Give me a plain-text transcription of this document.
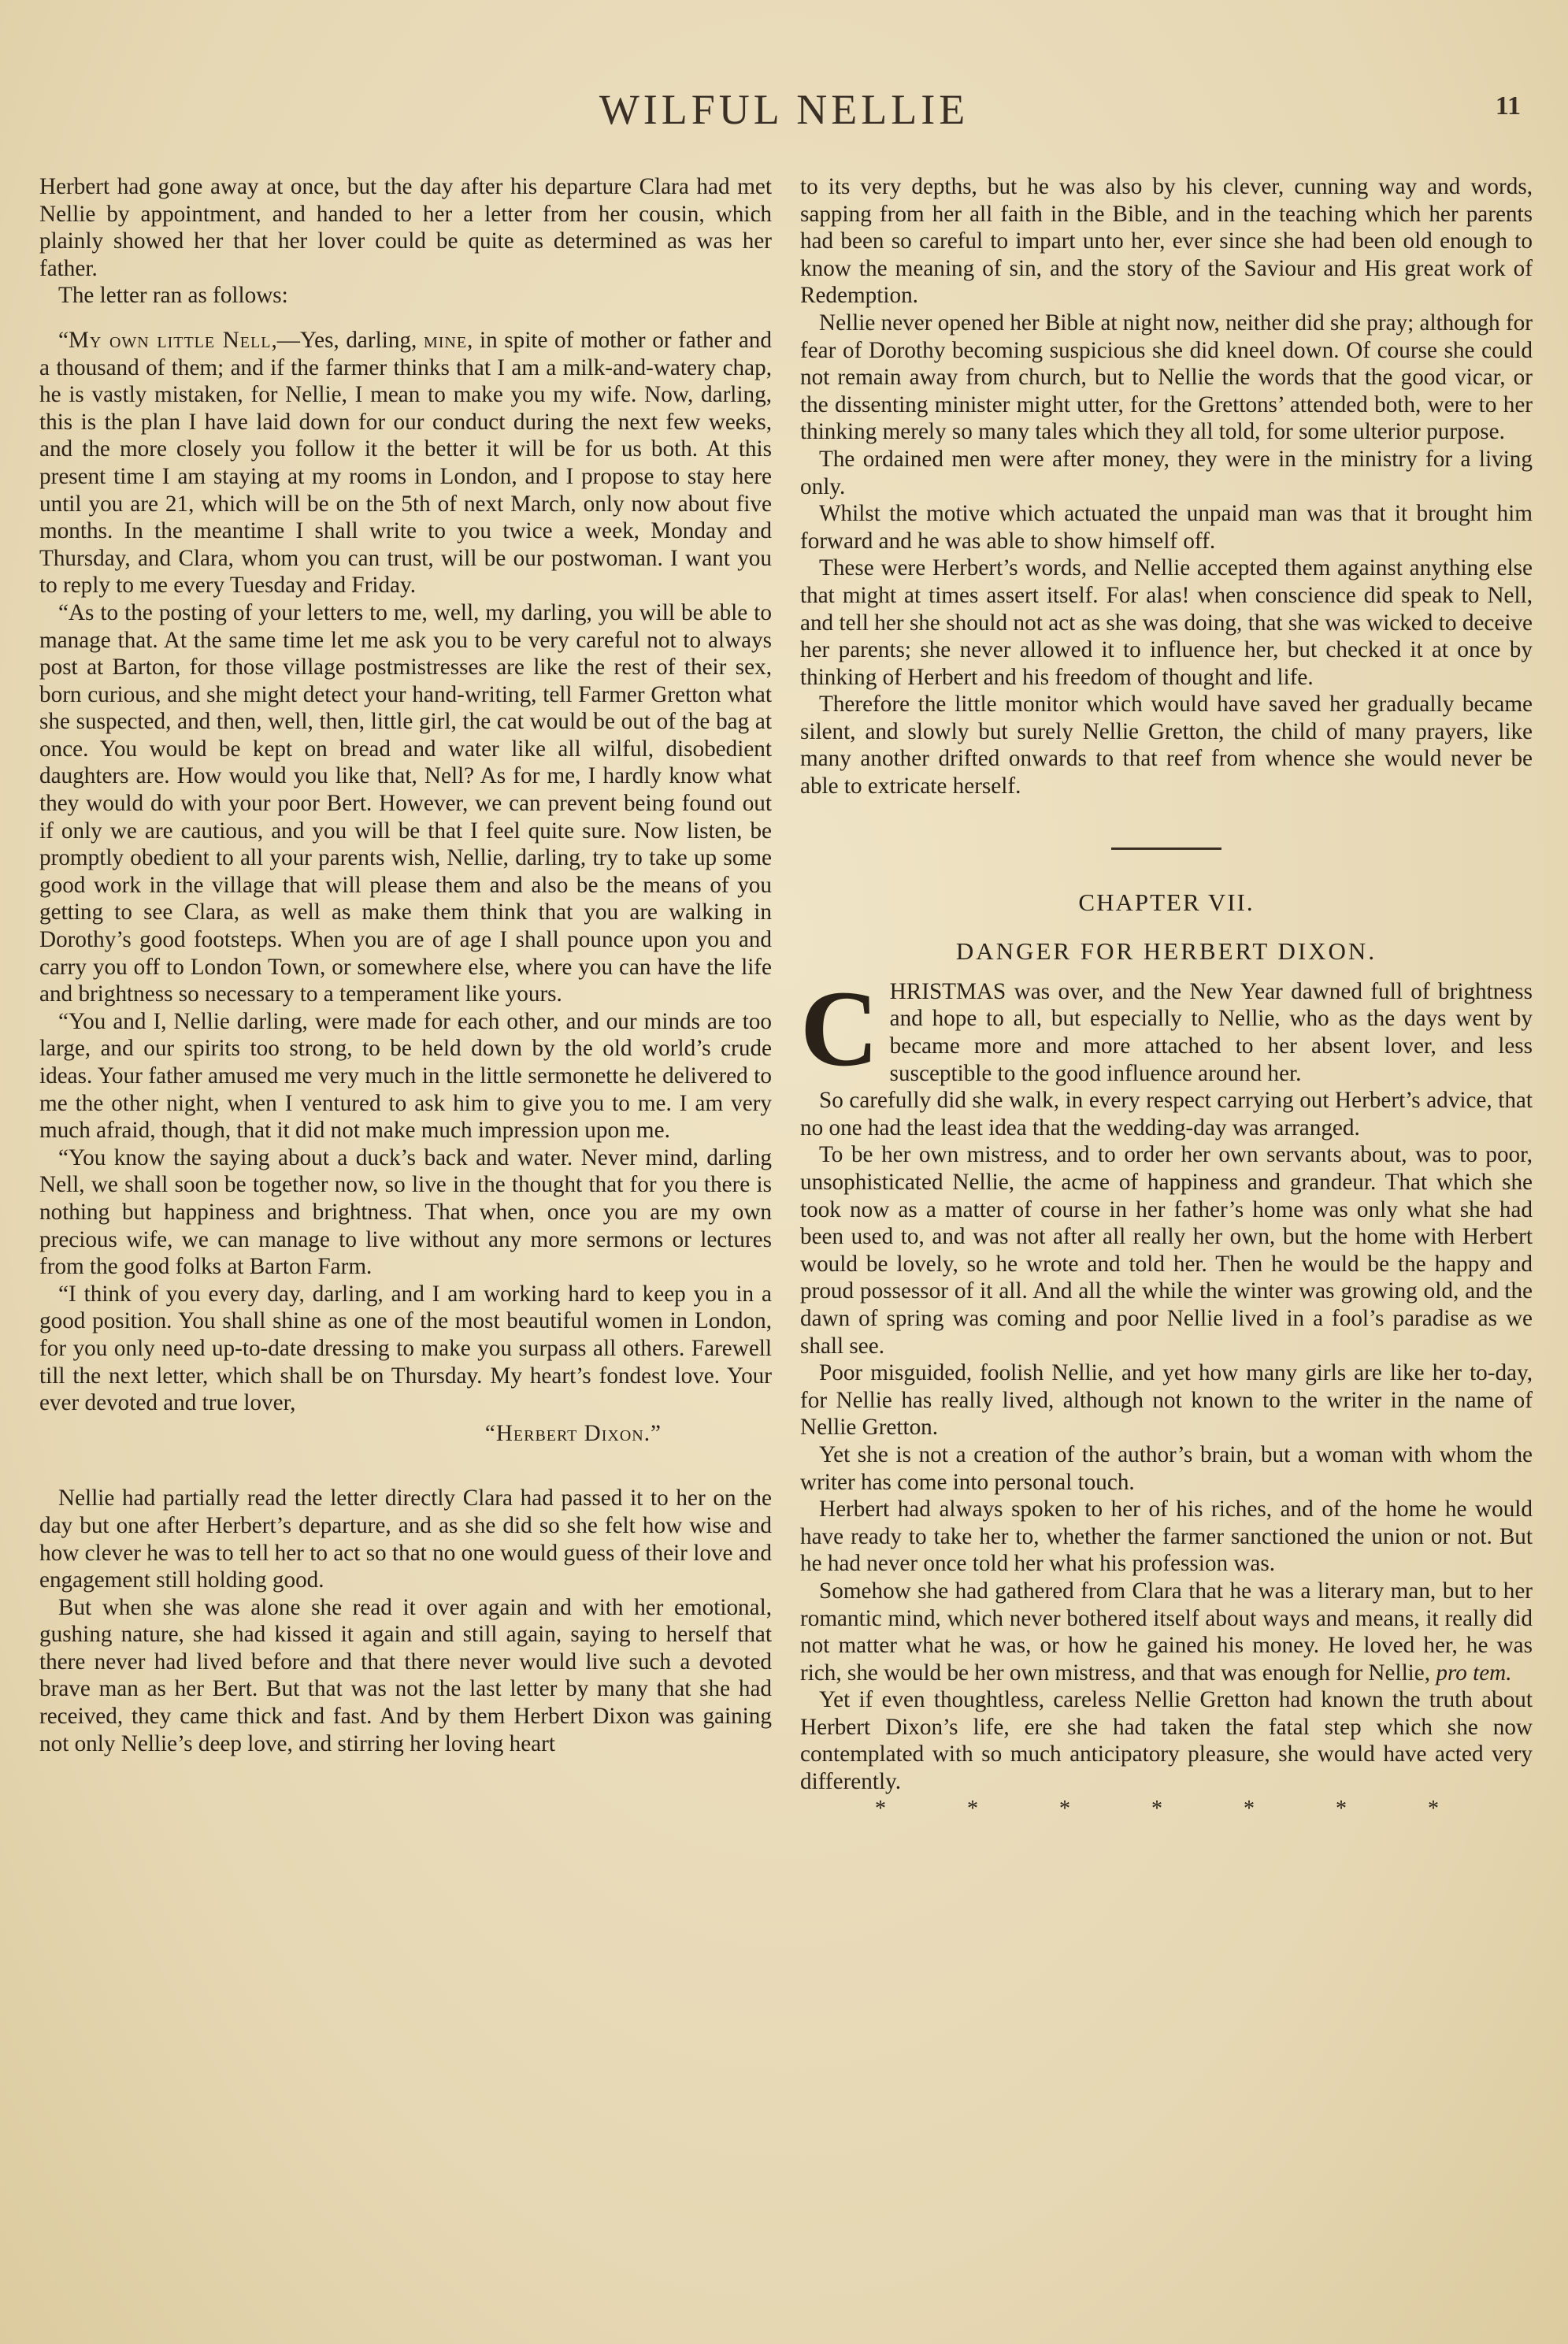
WILFUL NELLIE	11

Herbert had gone away at once, but the day after his departure Clara had met Nellie by appointment, and handed to her a letter from her cousin, which plainly showed her that her lover could be quite as determined as was her father.

The letter ran as follows:

“My own little Nell,—Yes, darling, mine, in spite of mother or father and a thousand of them; and if the farmer thinks that I am a milk-and-watery chap, he is vastly mistaken, for Nellie, I mean to make you my wife. Now, darling, this is the plan I have laid down for our conduct during the next few weeks, and the more closely you follow it the better it will be for us both. At this present time I am staying at my rooms in London, and I propose to stay here until you are 21, which will be on the 5th of next March, only now about five months. In the meantime I shall write to you twice a week, Monday and Thursday, and Clara, whom you can trust, will be our postwoman. I want you to reply to me every Tuesday and Friday.

“As to the posting of your letters to me, well, my darling, you will be able to manage that. At the same time let me ask you to be very careful not to always post at Barton, for those village postmistresses are like the rest of their sex, born curious, and she might detect your hand-writing, tell Farmer Gretton what she suspected, and then, well, then, little girl, the cat would be out of the bag at once. You would be kept on bread and water like all wilful, disobedient daughters are. How would you like that, Nell? As for me, I hardly know what they would do with your poor Bert. However, we can prevent being found out if only we are cautious, and you will be that I feel quite sure. Now listen, be promptly obedient to all your parents wish, Nellie, darling, try to take up some good work in the village that will please them and also be the means of you getting to see Clara, as well as make them think that you are walking in Dorothy’s good footsteps. When you are of age I shall pounce upon you and carry you off to London Town, or somewhere else, where you can have the life and brightness so necessary to a temperament like yours.

“You and I, Nellie darling, were made for each other, and our minds are too large, and our spirits too strong, to be held down by the old world’s crude ideas. Your father amused me very much in the little sermonette he delivered to me the other night, when I ventured to ask him to give you to me. I am very much afraid, though, that it did not make much impression upon me.

“You know the saying about a duck’s back and water. Never mind, darling Nell, we shall soon be together now, so live in the thought that for you there is nothing but happiness and brightness. That when, once you are my own precious wife, we can manage to live without any more sermons or lectures from the good folks at Barton Farm.

“I think of you every day, darling, and I am working hard to keep you in a good position. You shall shine as one of the most beautiful women in London, for you only need up-to-date dressing to make you surpass all others. Farewell till the next letter, which shall be on Thursday. My heart’s fondest love. Your ever devoted and true lover,

“Herbert Dixon.”

Nellie had partially read the letter directly Clara had passed it to her on the day but one after Herbert’s departure, and as she did so she felt how wise and how clever he was to tell her to act so that no one would guess of their love and engagement still holding good.

But when she was alone she read it over again and with her emotional, gushing nature, she had kissed it again and still again, saying to herself that there never had lived before and that there never would live such a devoted brave man as her Bert. But that was not the last letter by many that she had received, they came thick and fast. And by them Herbert Dixon was gaining not only Nellie’s deep love, and stirring her loving heart

to its very depths, but he was also by his clever, cunning way and words, sapping from her all faith in the Bible, and in the teaching which her parents had been so careful to impart unto her, ever since she had been old enough to know the meaning of sin, and the story of the Saviour and His great work of Redemption.

Nellie never opened her Bible at night now, neither did she pray; although for fear of Dorothy becoming suspicious she did kneel down. Of course she could not remain away from church, but to Nellie the words that the good vicar, or the dissenting minister might utter, for the Grettons’ attended both, were to her thinking merely so many tales which they all told, for some ulterior purpose.

The ordained men were after money, they were in the ministry for a living only.

Whilst the motive which actuated the unpaid man was that it brought him forward and he was able to show himself off.

These were Herbert’s words, and Nellie accepted them against anything else that might at times assert itself. For alas! when conscience did speak to Nell, and tell her she should not act as she was doing, that she was wicked to deceive her parents; she never allowed it to influence her, but checked it at once by thinking of Herbert and his freedom of thought and life.

Therefore the little monitor which would have saved her gradually became silent, and slowly but surely Nellie Gretton, the child of many prayers, like many another drifted onwards to that reef from whence she would never be able to extricate herself.

CHAPTER VII.
DANGER FOR HERBERT DIXON.

CHRISTMAS was over, and the New Year dawned full of brightness and hope to all, but especially to Nellie, who as the days went by became more and more attached to her absent lover, and less susceptible to the good influence around her.

So carefully did she walk, in every respect carrying out Herbert’s advice, that no one had the least idea that the wedding-day was arranged.

To be her own mistress, and to order her own servants about, was to poor, unsophisticated Nellie, the acme of happiness and grandeur. That which she took now as a matter of course in her father’s home was only what she had been used to, and was not after all really her own, but the home with Herbert would be lovely, so he wrote and told her. Then he would be the happy and proud possessor of it all. And all the while the winter was growing old, and the dawn of spring was coming and poor Nellie lived in a fool’s paradise as we shall see.

Poor misguided, foolish Nellie, and yet how many girls are like her to-day, for Nellie has really lived, although not known to the writer in the name of Nellie Gretton.

Yet she is not a creation of the author’s brain, but a woman with whom the writer has come into personal touch.

Herbert had always spoken to her of his riches, and of the home he would have ready to take her to, whether the farmer sanctioned the union or not. But he had never once told her what his profession was.

Somehow she had gathered from Clara that he was a literary man, but to her romantic mind, which never bothered itself about ways and means, it really did not matter what he was, or how he gained his money. He loved her, he was rich, she would be her own mistress, and that was enough for Nellie, pro tem.

Yet if even thoughtless, careless Nellie Gretton had known the truth about Herbert Dixon’s life, ere she had taken the fatal step which she now contemplated with so much anticipatory pleasure, she would have acted very differently.

* * * * * * *
